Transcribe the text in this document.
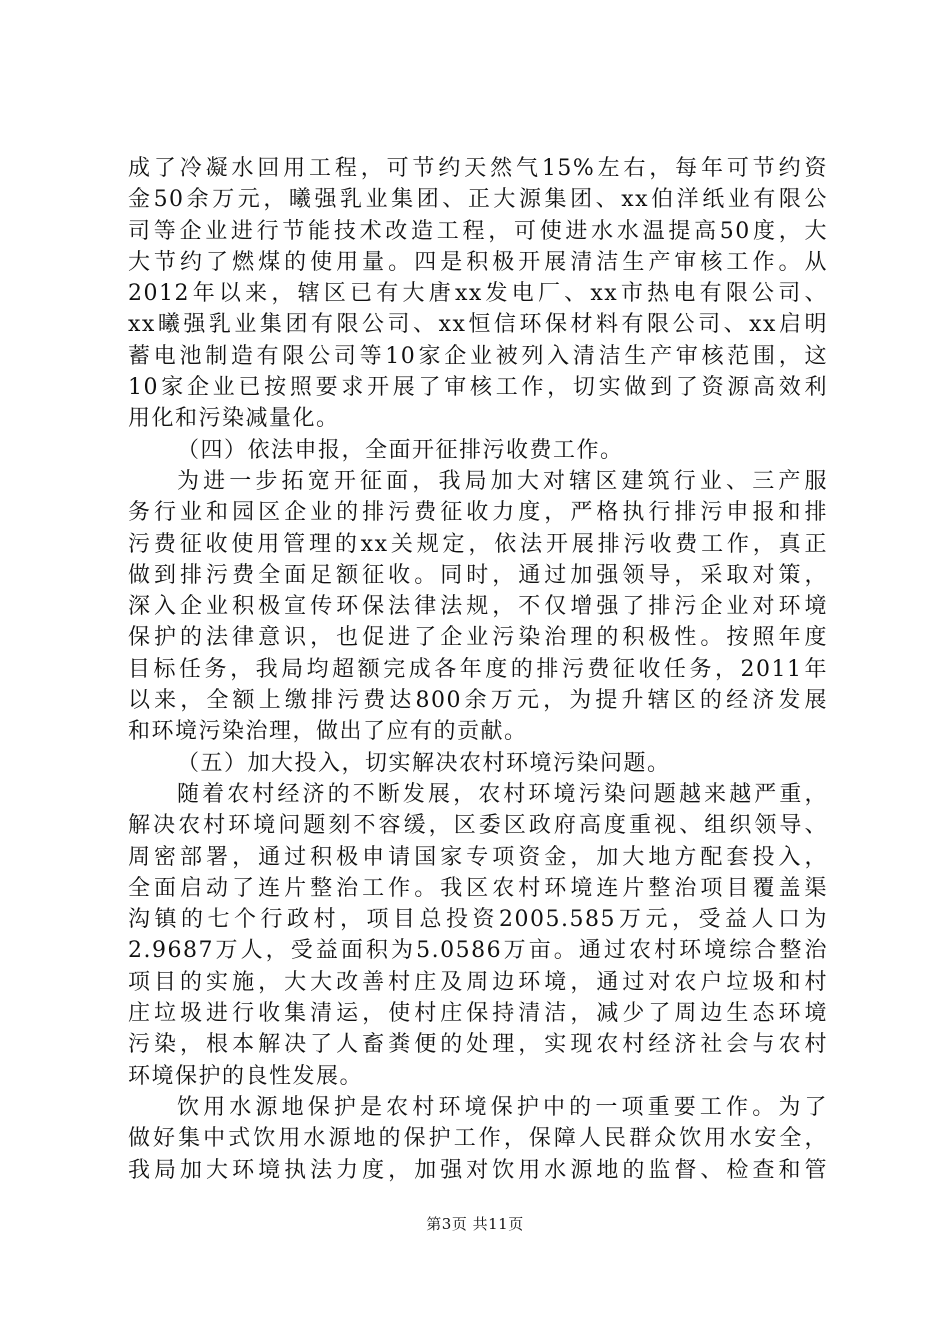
成了冷凝水回用工程，可节约天然气15%左右，每年可节约资
金50余万元，曦强乳业集团、正大源集团、xx伯洋纸业有限公
司等企业进行节能技术改造工程，可使进水水温提高50度，大
大节约了燃煤的使用量。四是积极开展清洁生产审核工作。从
2012年以来，辖区已有大唐xx发电厂、xx市热电有限公司、
xx曦强乳业集团有限公司、xx恒信环保材料有限公司、xx启明
蓄电池制造有限公司等10家企业被列入清洁生产审核范围，这
10家企业已按照要求开展了审核工作，切实做到了资源高效利
用化和污染减量化。
（四）依法申报，全面开征排污收费工作。
为进一步拓宽开征面，我局加大对辖区建筑行业、三产服
务行业和园区企业的排污费征收力度，严格执行排污申报和排
污费征收使用管理的xx关规定，依法开展排污收费工作，真正
做到排污费全面足额征收。同时，通过加强领导，采取对策，
深入企业积极宣传环保法律法规，不仅增强了排污企业对环境
保护的法律意识，也促进了企业污染治理的积极性。按照年度
目标任务，我局均超额完成各年度的排污费征收任务，2011年
以来，全额上缴排污费达800余万元，为提升辖区的经济发展
和环境污染治理，做出了应有的贡献。
（五）加大投入，切实解决农村环境污染问题。
随着农村经济的不断发展，农村环境污染问题越来越严重，
解决农村环境问题刻不容缓，区委区政府高度重视、组织领导、
周密部署，通过积极申请国家专项资金，加大地方配套投入，
全面启动了连片整治工作。我区农村环境连片整治项目覆盖渠
沟镇的七个行政村，项目总投资2005.585万元，受益人口为
2.9687万人，受益面积为5.0586万亩。通过农村环境综合整治
项目的实施，大大改善村庄及周边环境，通过对农户垃圾和村
庄垃圾进行收集清运，使村庄保持清洁，减少了周边生态环境
污染，根本解决了人畜粪便的处理，实现农村经济社会与农村
环境保护的良性发展。
饮用水源地保护是农村环境保护中的一项重要工作。为了
做好集中式饮用水源地的保护工作，保障人民群众饮用水安全，
我局加大环境执法力度，加强对饮用水源地的监督、检查和管
第3页 共11页
